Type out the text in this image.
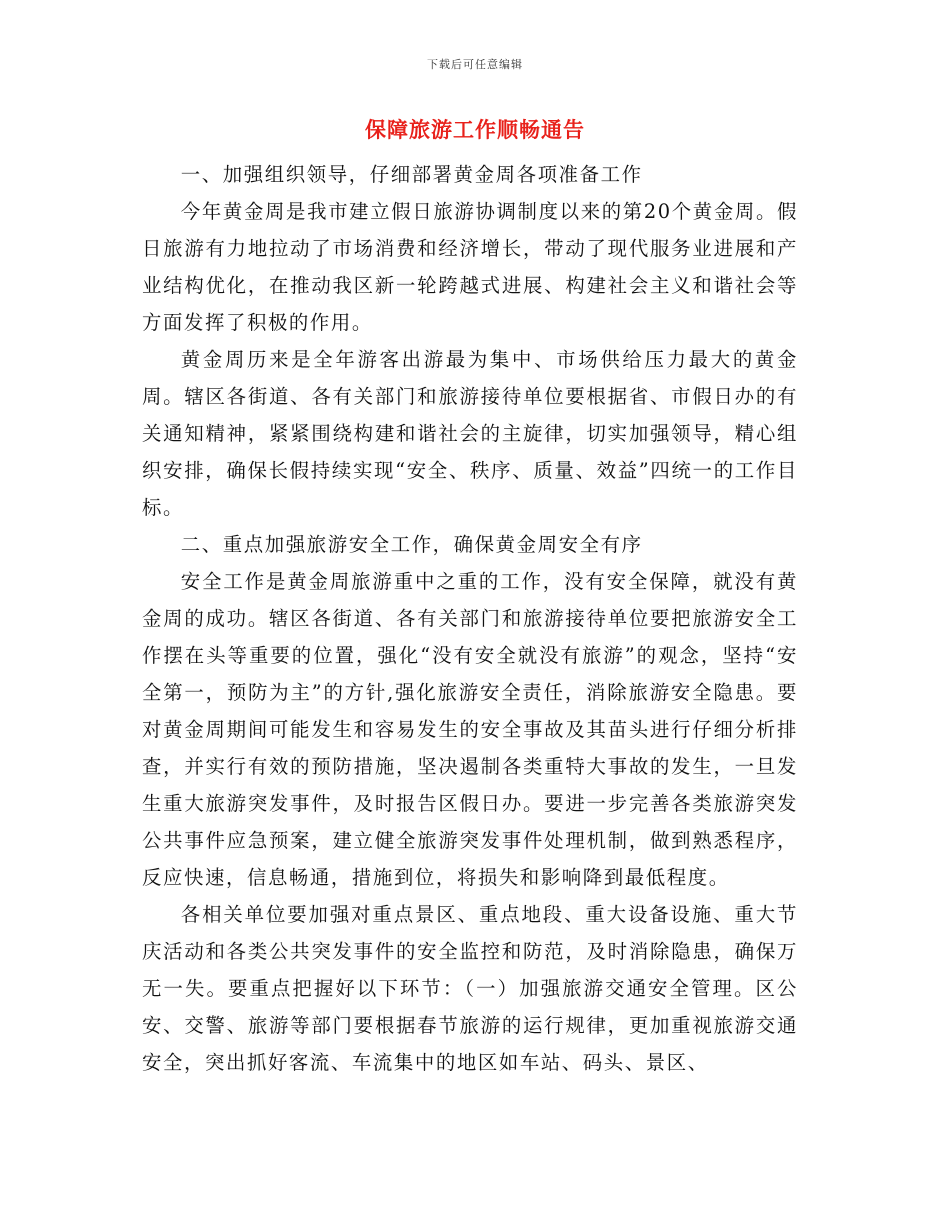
下载后可任意编辑
保障旅游工作顺畅通告

一、加强组织领导，仔细部署黄金周各项准备工作

今年黄金周是我市建立假日旅游协调制度以来的第20个黄金周。假日旅游有力地拉动了市场消费和经济增长，带动了现代服务业进展和产业结构优化，在推动我区新一轮跨越式进展、构建社会主义和谐社会等方面发挥了积极的作用。

黄金周历来是全年游客出游最为集中、市场供给压力最大的黄金周。辖区各街道、各有关部门和旅游接待单位要根据省、市假日办的有关通知精神，紧紧围绕构建和谐社会的主旋律，切实加强领导，精心组织安排，确保长假持续实现“安全、秩序、质量、效益”四统一的工作目标。

二、重点加强旅游安全工作，确保黄金周安全有序

安全工作是黄金周旅游重中之重的工作，没有安全保障，就没有黄金周的成功。辖区各街道、各有关部门和旅游接待单位要把旅游安全工作摆在头等重要的位置，强化“没有安全就没有旅游”的观念，坚持“安全第一，预防为主”的方针,强化旅游安全责任，消除旅游安全隐患。要对黄金周期间可能发生和容易发生的安全事故及其苗头进行仔细分析排查，并实行有效的预防措施，坚决遏制各类重特大事故的发生，一旦发生重大旅游突发事件，及时报告区假日办。要进一步完善各类旅游突发公共事件应急预案，建立健全旅游突发事件处理机制，做到熟悉程序，反应快速，信息畅通，措施到位，将损失和影响降到最低程度。

各相关单位要加强对重点景区、重点地段、重大设备设施、重大节庆活动和各类公共突发事件的安全监控和防范，及时消除隐患，确保万无一失。要重点把握好以下环节：（一）加强旅游交通安全管理。区公安、交警、旅游等部门要根据春节旅游的运行规律，更加重视旅游交通安全，突出抓好客流、车流集中的地区如车站、码头、景区、
